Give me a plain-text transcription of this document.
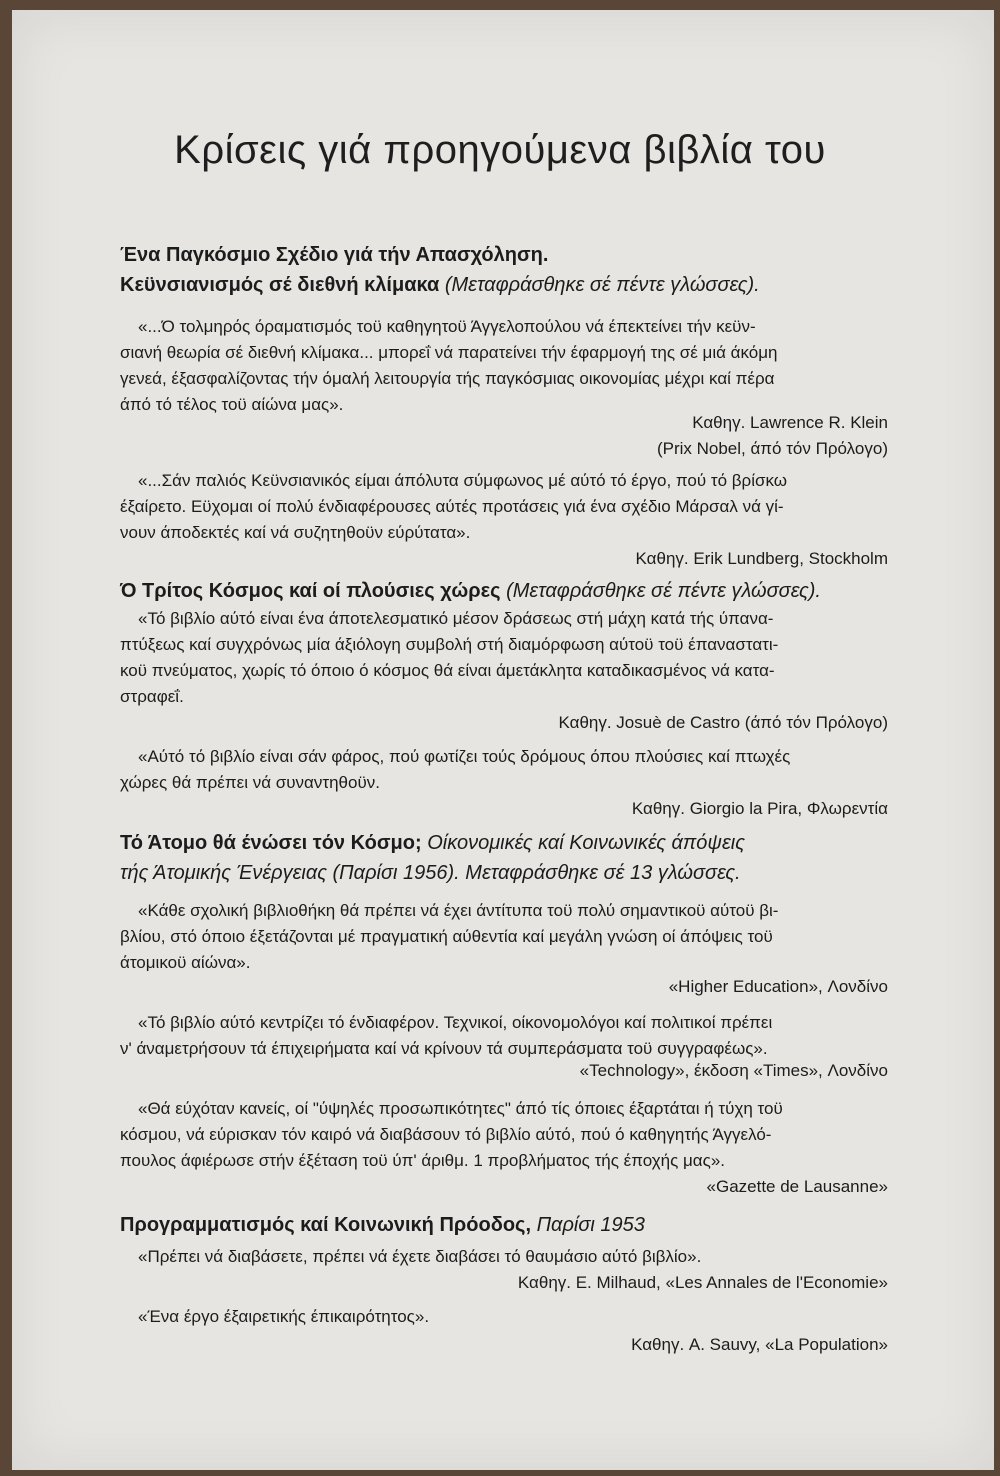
Κρίσεις γιά προηγούμενα βιβλία του
Ένα Παγκόσμιο Σχέδιο γιά τήν Απασχόληση.
Κεϋνσιανισμός σέ διεθνή κλίμακα (Μεταφράσθηκε σέ πέντε γλώσσες).
«...Ό τολμηρός όραματισμός τοϋ καθηγητοϋ Άγγελοπούλου νά έπεκτείνει τήν κεϋν-
σιανή θεωρία σέ διεθνή κλίμακα... μπορεΐ νά παρατείνει τήν έφαρμογή της σέ μιά άκόμη
γενεά, έξασφαλίζοντας τήν όμαλή λειτουργία τής παγκόσμιας οικονομίας μέχρι καί πέρα
άπό τό τέλος τοϋ αίώνα μας».
Καθηγ. Lawrence R. Klein
(Prix Nobel, άπό τόν Πρόλογο)
«...Σάν παλιός Κεϋνσιανικός είμαι άπόλυτα σύμφωνος μέ αύτό τό έργο, πού τό βρίσκω
έξαίρετο. Εϋχομαι οί πολύ ένδιαφέρουσες αύτές προτάσεις γιά ένα σχέδιο Μάρσαλ νά γί-
νουν άποδεκτές καί νά συζητηθοϋν εύρύτατα».
Καθηγ. Erik Lundberg, Stockholm
Ό Τρίτος Κόσμος καί οί πλούσιες χώρες (Μεταφράσθηκε σέ πέντε γλώσσες).
«Τό βιβλίο αύτό είναι ένα άποτελεσματικό μέσον δράσεως στή μάχη κατά τής ύπανα-
πτύξεως καί συγχρόνως μία άξιόλογη συμβολή στή διαμόρφωση αύτοϋ τοϋ έπαναστατι-
κοϋ πνεύματος, χωρίς τό όποιο ό κόσμος θά είναι άμετάκλητα καταδικασμένος νά κατα-
στραφεΐ.
Καθηγ. Josuè de Castro (άπό τόν Πρόλογο)
«Αύτό τό βιβλίο είναι σάν φάρος, πού φωτίζει τούς δρόμους όπου πλούσιες καί πτωχές
χώρες θά πρέπει νά συναντηθοϋν.
Καθηγ. Giorgio la Pira, Φλωρεντία
Τό Άτομο θά ένώσει τόν Κόσμο; Οίκονομικές καί Κοινωνικές άπόψεις
τής Άτομικής Ένέργειας (Παρίσι 1956). Μεταφράσθηκε σέ 13 γλώσσες.
«Κάθε σχολική βιβλιοθήκη θά πρέπει νά έχει άντίτυπα τοϋ πολύ σημαντικοϋ αύτοϋ βι-
βλίου, στό όποιο έξετάζονται μέ πραγματική αύθεντία καί μεγάλη γνώση οί άπόψεις τοϋ
άτομικοϋ αίώνα».
«Higher Education», Λονδίνο
«Τό βιβλίο αύτό κεντρίζει τό ένδιαφέρον. Τεχνικοί, οίκονομολόγοι καί πολιτικοί πρέπει
ν' άναμετρήσουν τά έπιχειρήματα καί νά κρίνουν τά συμπεράσματα τοϋ συγγραφέως».
«Technology», έκδοση «Times», Λονδίνο
«Θά εύχόταν κανείς, οί "ύψηλές προσωπικότητες" άπό τίς όποιες έξαρτάται ή τύχη τοϋ
κόσμου, νά εύρισκαν τόν καιρό νά διαβάσουν τό βιβλίο αύτό, πού ό καθηγητής Άγγελό-
πουλος άφιέρωσε στήν έξέταση τοϋ ύπ' άριθμ. 1 προβλήματος τής έποχής μας».
«Gazette de Lausanne»
Προγραμματισμός καί Κοινωνική Πρόοδος, Παρίσι 1953
«Πρέπει νά διαβάσετε, πρέπει νά έχετε διαβάσει τό θαυμάσιο αύτό βιβλίο».
Καθηγ. Ε. Milhaud, «Les Annales de l'Economie»
«Ένα έργο έξαιρετικής έπικαιρότητος».
Καθηγ. A. Sauvy, «La Population»
